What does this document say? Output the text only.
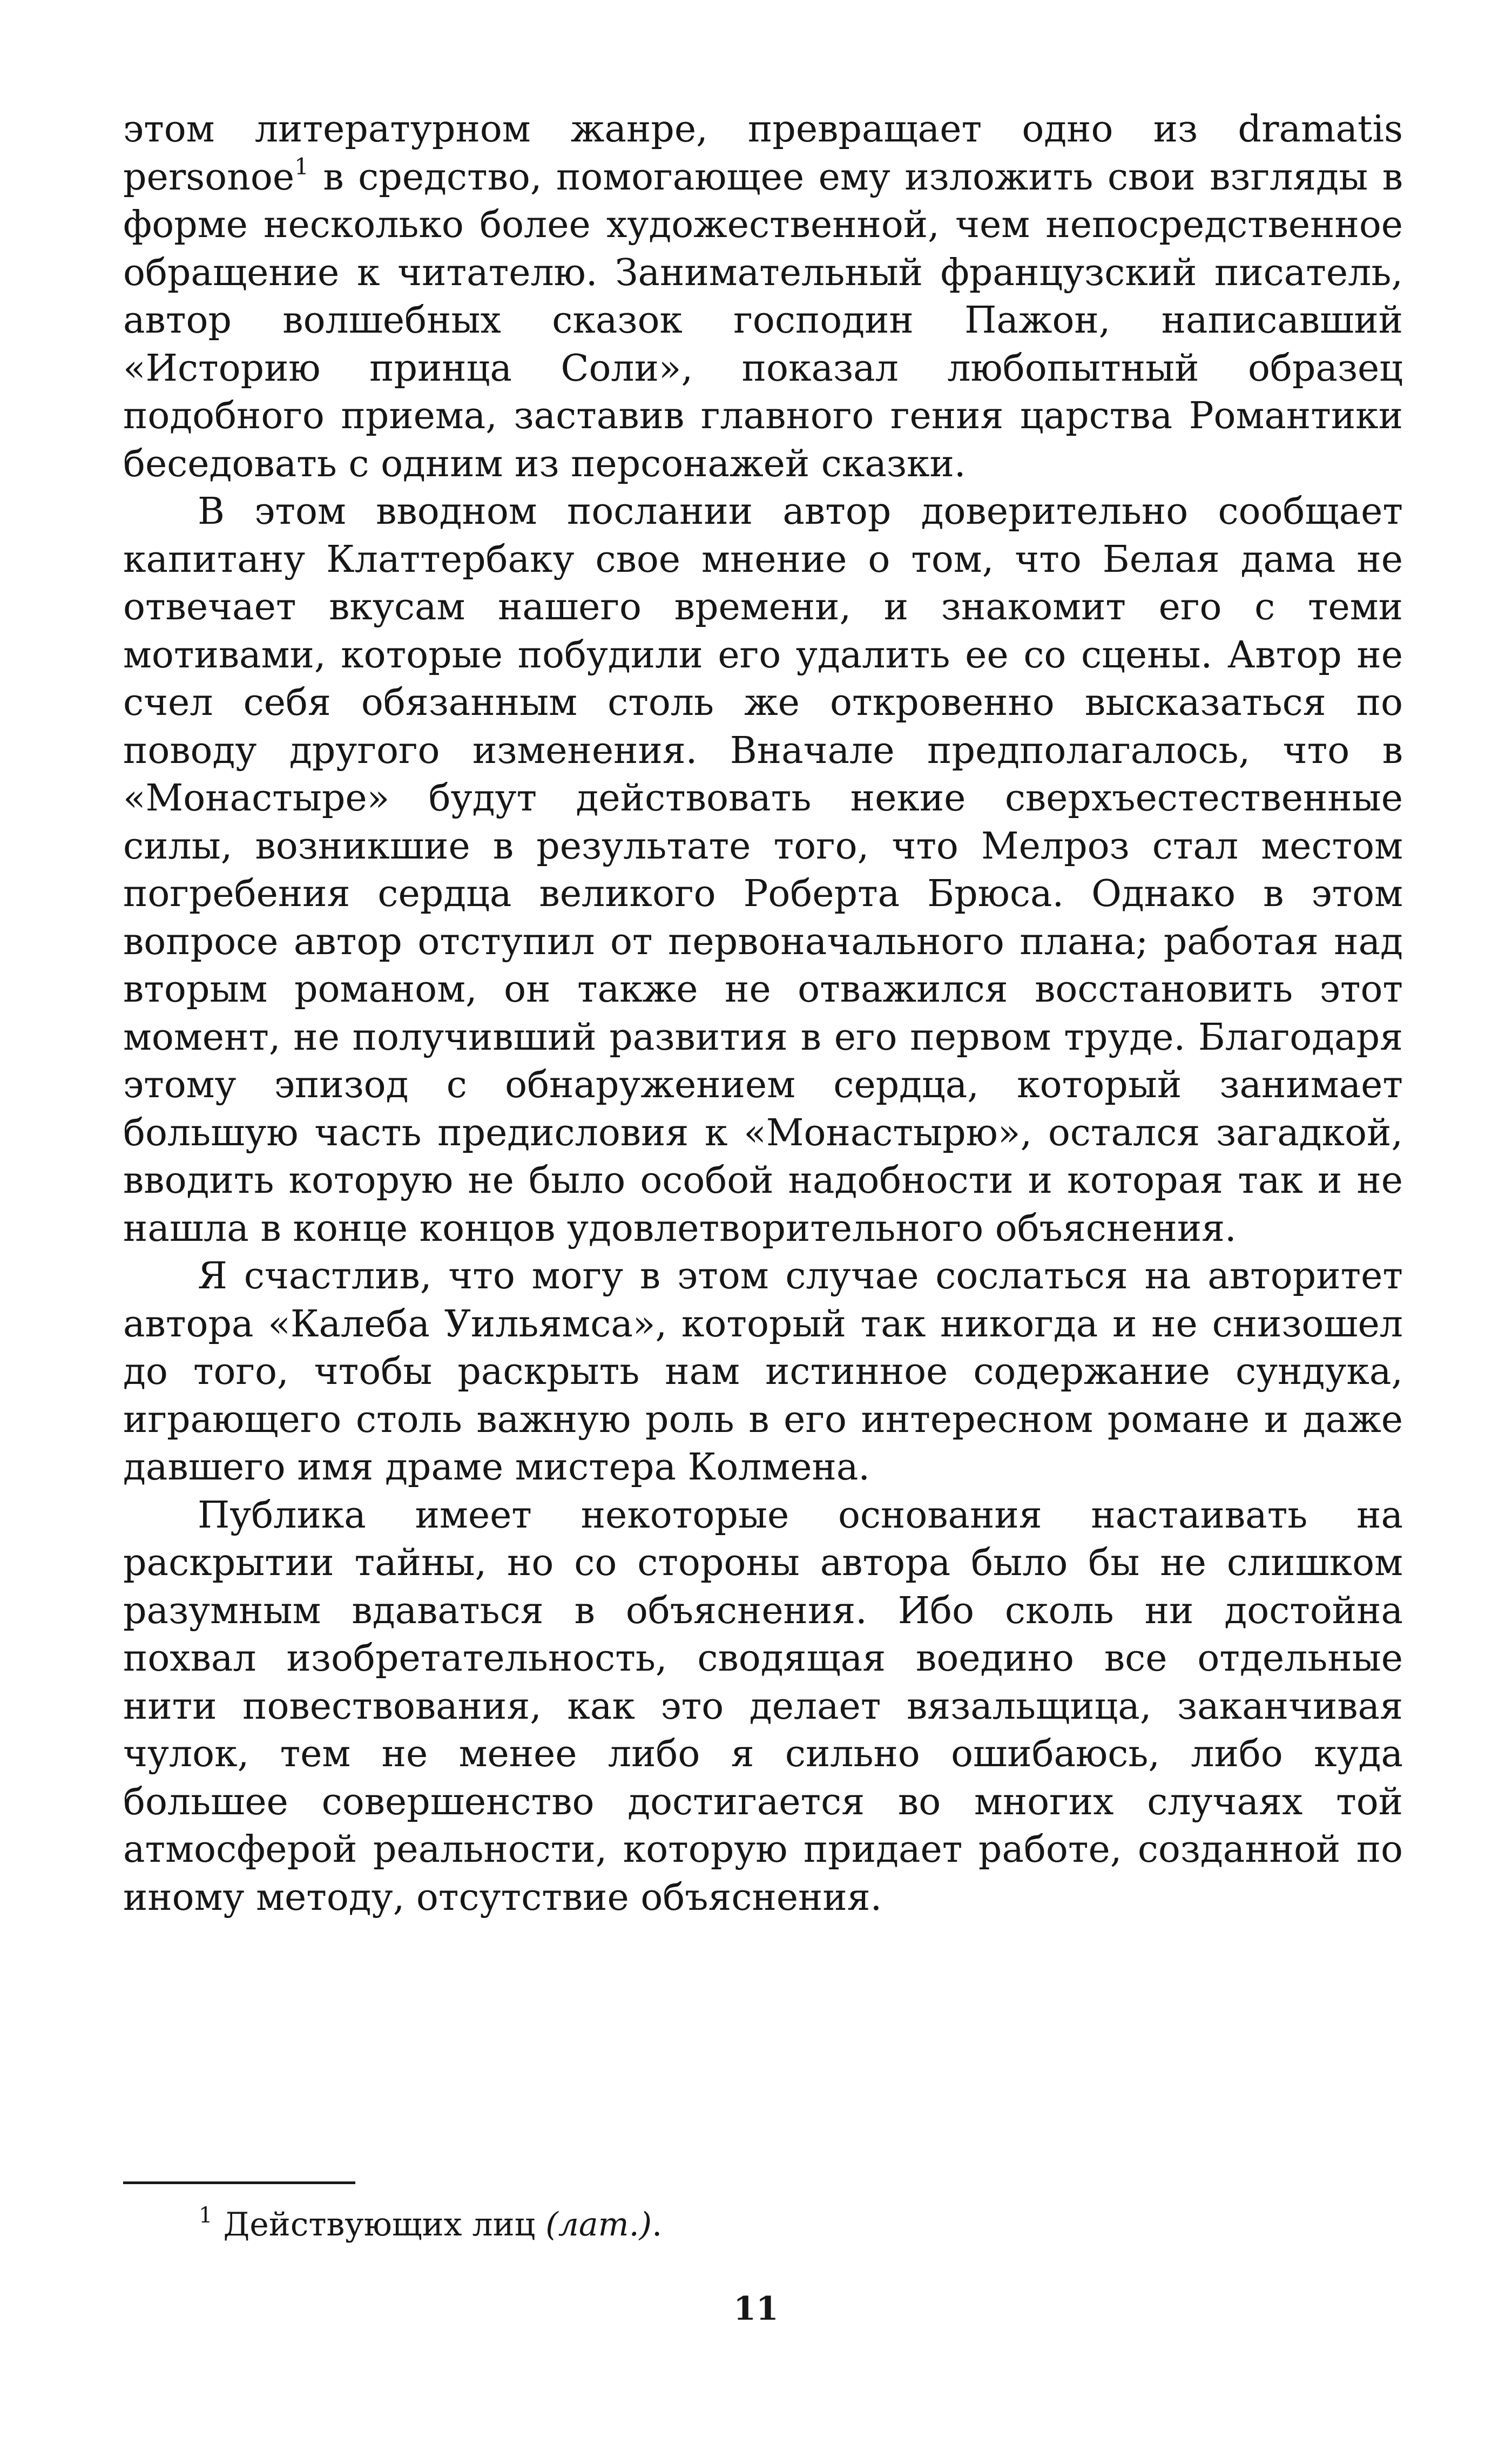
этом литературном жанре, превращает одно из dramatis personoe$^1$ в средство, помогающее ему изложить свои взгляды в форме несколько более художественной, чем непосредственное обращение к читателю. Занимательный французский писатель, автор волшебных сказок господин Пажон, написавший «Историю принца Соли», показал любопытный образец подобного приема, заставив главного гения царства Романтики беседовать с одним из персонажей сказки.

В этом вводном послании автор доверительно сообщает капитану Клаттербаку свое мнение о том, что Белая дама не отвечает вкусам нашего времени, и знакомит его с теми мотивами, которые побудили его удалить ее со сцены. Автор не счел себя обязанным столь же откровенно высказаться по поводу другого изменения. Вначале предполагалось, что в «Монастыре» будут действовать некие сверхъестественные силы, возникшие в результате того, что Мелроз стал местом погребения сердца великого Роберта Брюса. Однако в этом вопросе автор отступил от первоначального плана; работая над вторым романом, он также не отважился восстановить этот момент, не получивший развития в его первом труде. Благодаря этому эпизод с обнаружением сердца, который занимает большую часть предисловия к «Монастырю», остался загадкой, вводить которую не было особой надобности и которая так и не нашла в конце концов удовлетворительного объяснения.

Я счастлив, что могу в этом случае сослаться на авторитет автора «Калеба Уильямса», который так никогда и не снизошел до того, чтобы раскрыть нам истинное содержание сундука, играющего столь важную роль в его интересном романе и даже давшего имя драме мистера Колмена.

Публика имеет некоторые основания настаивать на раскрытии тайны, но со стороны автора было бы не слишком разумным вдаваться в объяснения. Ибо сколь ни достойна похвал изобретательность, сводящая воедино все отдельные нити повествования, как это делает вязальщица, заканчивая чулок, тем не менее либо я сильно ошибаюсь, либо куда большее совершенство достигается во многих случаях той атмосферой реальности, которую придает работе, созданной по иному методу, отсутствие объяснения.

$^1$ Действующих лиц (лат.).
11
